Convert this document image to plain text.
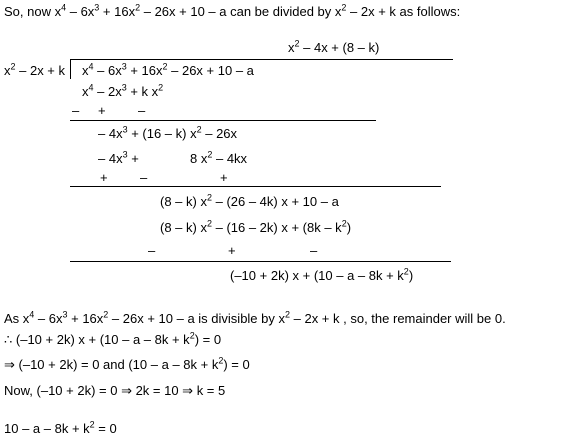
So, now $x^4 - 6x^3 + 16x^2 - 26x + 10 - a$ can be divided by $x^2 - 2x + k$ as follows:
$x^2 - 4x + (8 - k)$
$x^2 - 2x + k$ $x^4 - 6x^3 + 16x^2 - 26x + 10 - a$
$x^4 - 2x^3 + k$ $x^2$
– + –
– $4x^3 + (16 - k)$ $x^2 - 26x$
– $4x^3$ +	8 $x^2 - 4kx$
+ –	+
(8 – k) $x^2 - (26 - 4k) x + 10 - a$
(8 – k) $x^2 - (16 - 2k) x + (8k - k^2)$
–	+	–
(–10 + 2k) $x + (10 - a - 8k + k^2)$
As $x^4 - 6x^3 + 16x^2 - 26x + 10 - a$ is divisible by $x^2 - 2x + k$ , so, the remainder will be 0.
∴ (–10 + 2k) $x + (10 - a - 8k + k^2) = 0$
⇒ (–10 + 2k) = 0 and $(10 - a - 8k + k^2) = 0$
Now, (–10 + 2k) = 0 ⇒ 2k = 10 ⇒ k = 5
$10 - a - 8k + k^2 = 0$
